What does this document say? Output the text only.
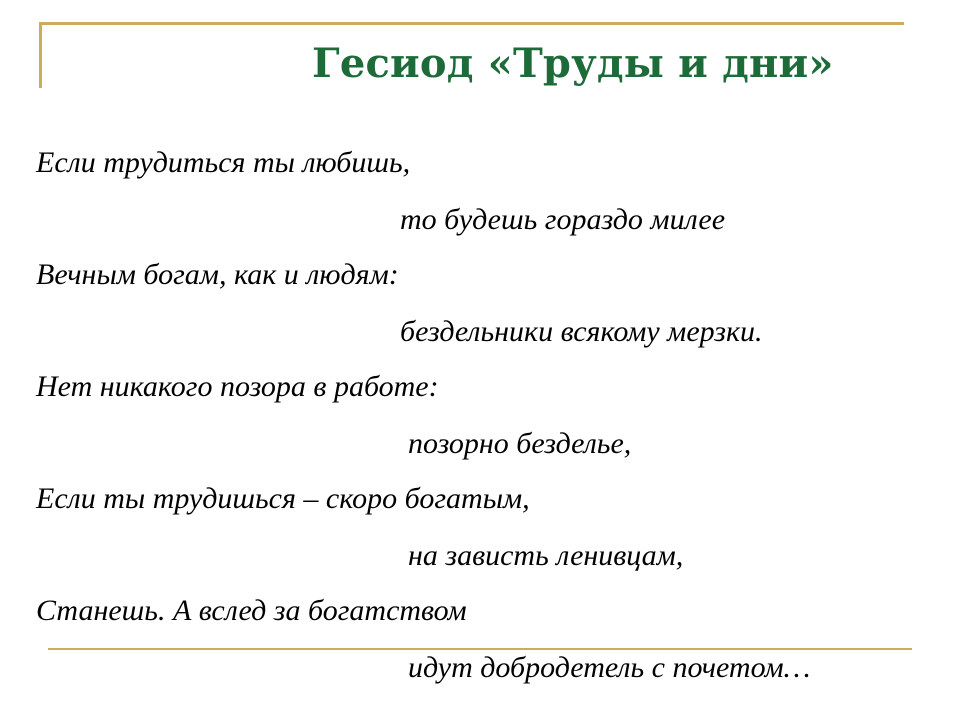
Гесиод «Труды и дни»

Если трудиться ты любишь,

то будешь гораздо милее

Вечным богам, как и людям:

бездельники всякому мерзки.

Нет никакого позора в работе:

позорно безделье,

Если ты трудишься – скоро богатым,

на зависть ленивцам,

Станешь. А вслед за богатством

идут добродетель с почетом…
